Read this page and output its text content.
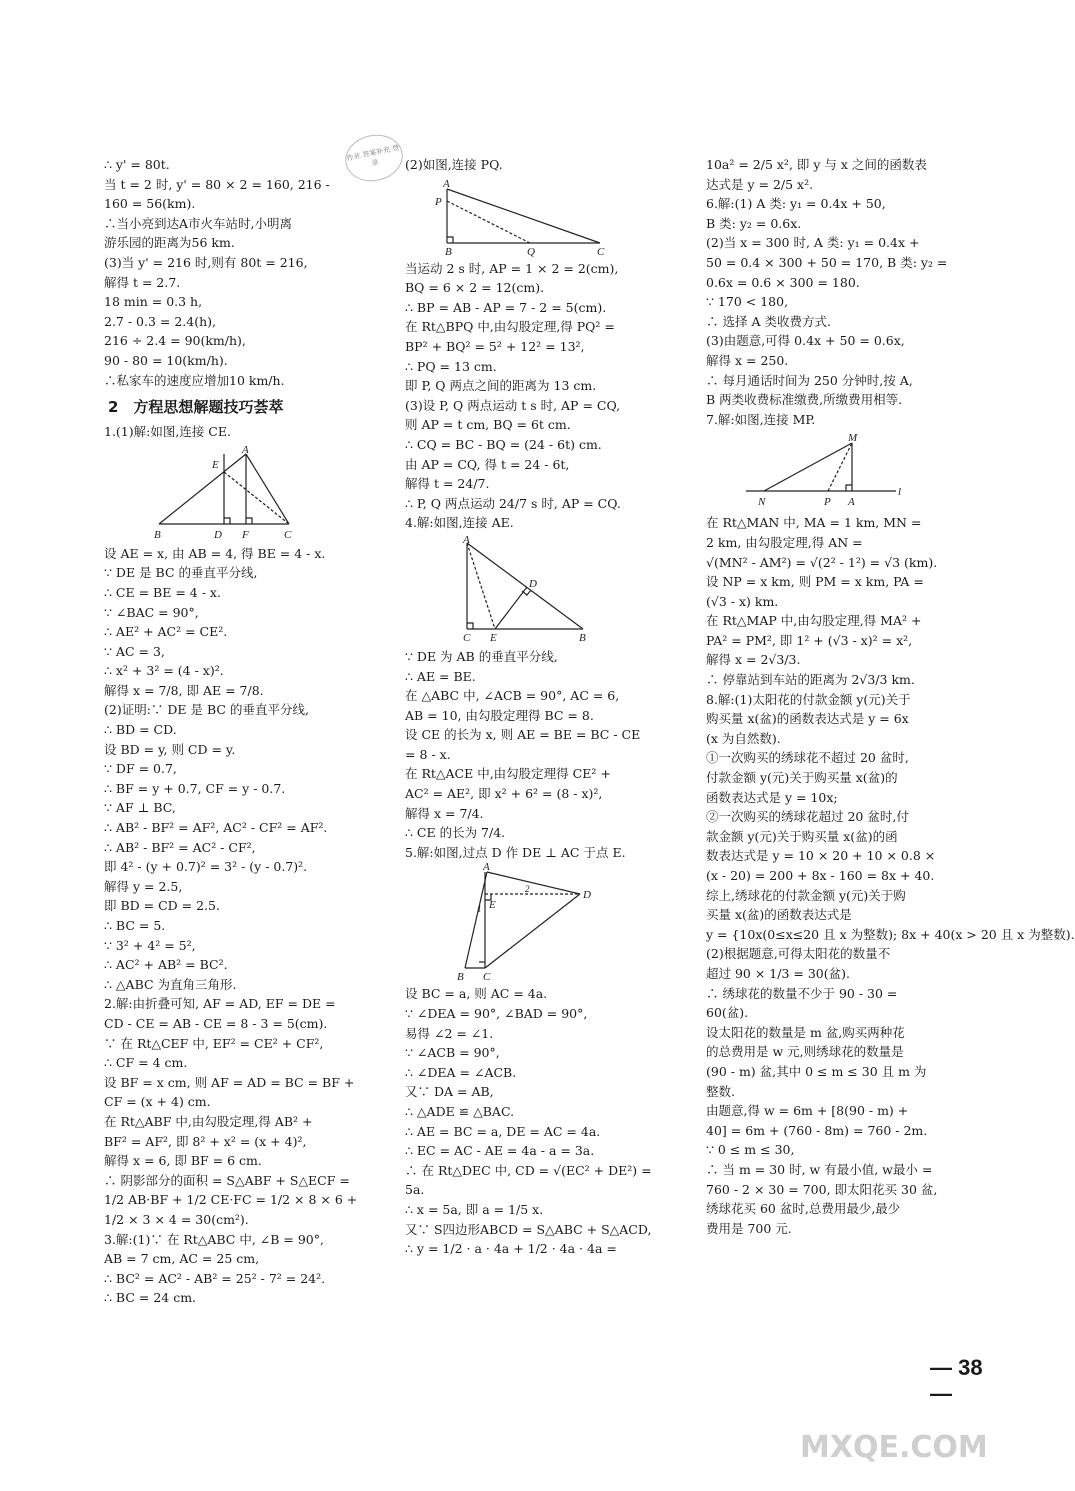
作业 答案补充 登录
∴ y' = 80t.
当 t = 2 时, y' = 80 × 2 = 160, 216 -
160 = 56(km).
∴当小亮到达A市火车站时,小明离
游乐园的距离为56 km.
(3)当 y' = 216 时,则有 80t = 216,
解得 t = 2.7.
18 min = 0.3 h,
2.7 - 0.3 = 2.4(h),
216 ÷ 2.4 = 90(km/h),
90 - 80 = 10(km/h).
∴私家车的速度应增加10 km/h.
2　方程思想解题技巧荟萃
1.(1)解:如图,连接 CE.
B	D F	C
E
A
设 AE = x, 由 AB = 4, 得 BE = 4 - x.
∵ DE 是 BC 的垂直平分线,
∴ CE = BE = 4 - x.
∵ ∠BAC = 90°,
∴ AE² + AC² = CE².
∵ AC = 3,
∴ x² + 3² = (4 - x)².
解得 x = 7/8, 即 AE = 7/8.
(2)证明:∵ DE 是 BC 的垂直平分线,
∴ BD = CD.
设 BD = y, 则 CD = y.
∵ DF = 0.7,
∴ BF = y + 0.7, CF = y - 0.7.
∵ AF ⊥ BC,
∴ AB² - BF² = AF², AC² - CF² = AF².
∴ AB² - BF² = AC² - CF²,
即 4² - (y + 0.7)² = 3² - (y - 0.7)².
解得 y = 2.5,
即 BD = CD = 2.5.
∴ BC = 5.
∵ 3² + 4² = 5²,
∴ AC² + AB² = BC².
∴ △ABC 为直角三角形.
2.解:由折叠可知, AF = AD, EF = DE =
CD - CE = AB - CE = 8 - 3 = 5(cm).
∵ 在 Rt△CEF 中, EF² = CE² + CF²,
∴ CF = 4 cm.
设 BF = x cm, 则 AF = AD = BC = BF +
CF = (x + 4) cm.
在 Rt△ABF 中,由勾股定理,得 AB² +
BF² = AF², 即 8² + x² = (x + 4)²,
解得 x = 6, 即 BF = 6 cm.
∴ 阴影部分的面积 = S△ABF + S△ECF =
1/2 AB·BF + 1/2 CE·FC = 1/2 × 8 × 6 +
1/2 × 3 × 4 = 30(cm²).
3.解:(1)∵ 在 Rt△ABC 中, ∠B = 90°,
AB = 7 cm, AC = 25 cm,
∴ BC² = AC² - AB² = 25² - 7² = 24².
∴ BC = 24 cm.
(2)如图,连接 PQ.
A
P
B	Q	C
当运动 2 s 时, AP = 1 × 2 = 2(cm),
BQ = 6 × 2 = 12(cm).
∴ BP = AB - AP = 7 - 2 = 5(cm).
在 Rt△BPQ 中,由勾股定理,得 PQ² =
BP² + BQ² = 5² + 12² = 13²,
∴ PQ = 13 cm.
即 P, Q 两点之间的距离为 13 cm.
(3)设 P, Q 两点运动 t s 时, AP = CQ,
则 AP = t cm, BQ = 6t cm.
∴ CQ = BC - BQ = (24 - 6t) cm.
由 AP = CQ, 得 t = 24 - 6t,
解得 t = 24/7.
∴ P, Q 两点运动 24/7 s 时, AP = CQ.
4.解:如图,连接 AE.
A
D
C E	B
∵ DE 为 AB 的垂直平分线,
∴ AE = BE.
在 △ABC 中, ∠ACB = 90°, AC = 6,
AB = 10, 由勾股定理得 BC = 8.
设 CE 的长为 x, 则 AE = BE = BC - CE
= 8 - x.
在 Rt△ACE 中,由勾股定理得 CE² +
AC² = AE², 即 x² + 6² = (8 - x)²,
解得 x = 7/4.
∴ CE 的长为 7/4.
5.解:如图,过点 D 作 DE ⊥ AC 于点 E.
A
D
E
B C
2
1
设 BC = a, 则 AC = 4a.
∵ ∠DEA = 90°, ∠BAD = 90°,
易得 ∠2 = ∠1.
∵ ∠ACB = 90°,
∴ ∠DEA = ∠ACB.
又∵ DA = AB,
∴ △ADE ≌ △BAC.
∴ AE = BC = a, DE = AC = 4a.
∴ EC = AC - AE = 4a - a = 3a.
∴ 在 Rt△DEC 中, CD = √(EC² + DE²) =
5a.
∴ x = 5a, 即 a = 1/5 x.
又∵ S四边形ABCD = S△ABC + S△ACD,
∴ y = 1/2 · a · 4a + 1/2 · 4a · 4a =
10a² = 2/5 x², 即 y 与 x 之间的函数表
达式是 y = 2/5 x².
6.解:(1) A 类: y₁ = 0.4x + 50,
B 类: y₂ = 0.6x.
(2)当 x = 300 时, A 类: y₁ = 0.4x +
50 = 0.4 × 300 + 50 = 170, B 类: y₂ =
0.6x = 0.6 × 300 = 180.
∵ 170 < 180,
∴ 选择 A 类收费方式.
(3)由题意,可得 0.4x + 50 = 0.6x,
解得 x = 250.
∴ 每月通话时间为 250 分钟时,按 A,
B 两类收费标准缴费,所缴费用相等.
7.解:如图,连接 MP.
M
N	P A
l
在 Rt△MAN 中, MA = 1 km, MN =
2 km, 由勾股定理,得 AN =
√(MN² - AM²) = √(2² - 1²) = √3 (km).
设 NP = x km, 则 PM = x km, PA =
(√3 - x) km.
在 Rt△MAP 中,由勾股定理,得 MA² +
PA² = PM², 即 1² + (√3 - x)² = x²,
解得 x = 2√3/3.
∴ 停靠站到车站的距离为 2√3/3 km.
8.解:(1)太阳花的付款金额 y(元)关于
购买量 x(盆)的函数表达式是 y = 6x
(x 为自然数).
①一次购买的绣球花不超过 20 盆时,
付款金额 y(元)关于购买量 x(盆)的
函数表达式是 y = 10x;
②一次购买的绣球花超过 20 盆时,付
款金额 y(元)关于购买量 x(盆)的函
数表达式是 y = 10 × 20 + 10 × 0.8 ×
(x - 20) = 200 + 8x - 160 = 8x + 40.
综上,绣球花的付款金额 y(元)关于购
买量 x(盆)的函数表达式是
y = {10x(0≤x≤20 且 x 为整数); 8x + 40(x > 20 且 x 为整数).
(2)根据题意,可得太阳花的数量不
超过 90 × 1/3 = 30(盆).
∴ 绣球花的数量不少于 90 - 30 =
60(盆).
设太阳花的数量是 m 盆,购买两种花
的总费用是 w 元,则绣球花的数量是
(90 - m) 盆,其中 0 ≤ m ≤ 30 且 m 为
整数.
由题意,得 w = 6m + [8(90 - m) +
40] = 6m + (760 - 8m) = 760 - 2m.
∵ 0 ≤ m ≤ 30,
∴ 当 m = 30 时, w 有最小值, w最小 =
760 - 2 × 30 = 700, 即太阳花买 30 盆,
绣球花买 60 盆时,总费用最少,最少
费用是 700 元.
— 38 —
MXQE.COM
